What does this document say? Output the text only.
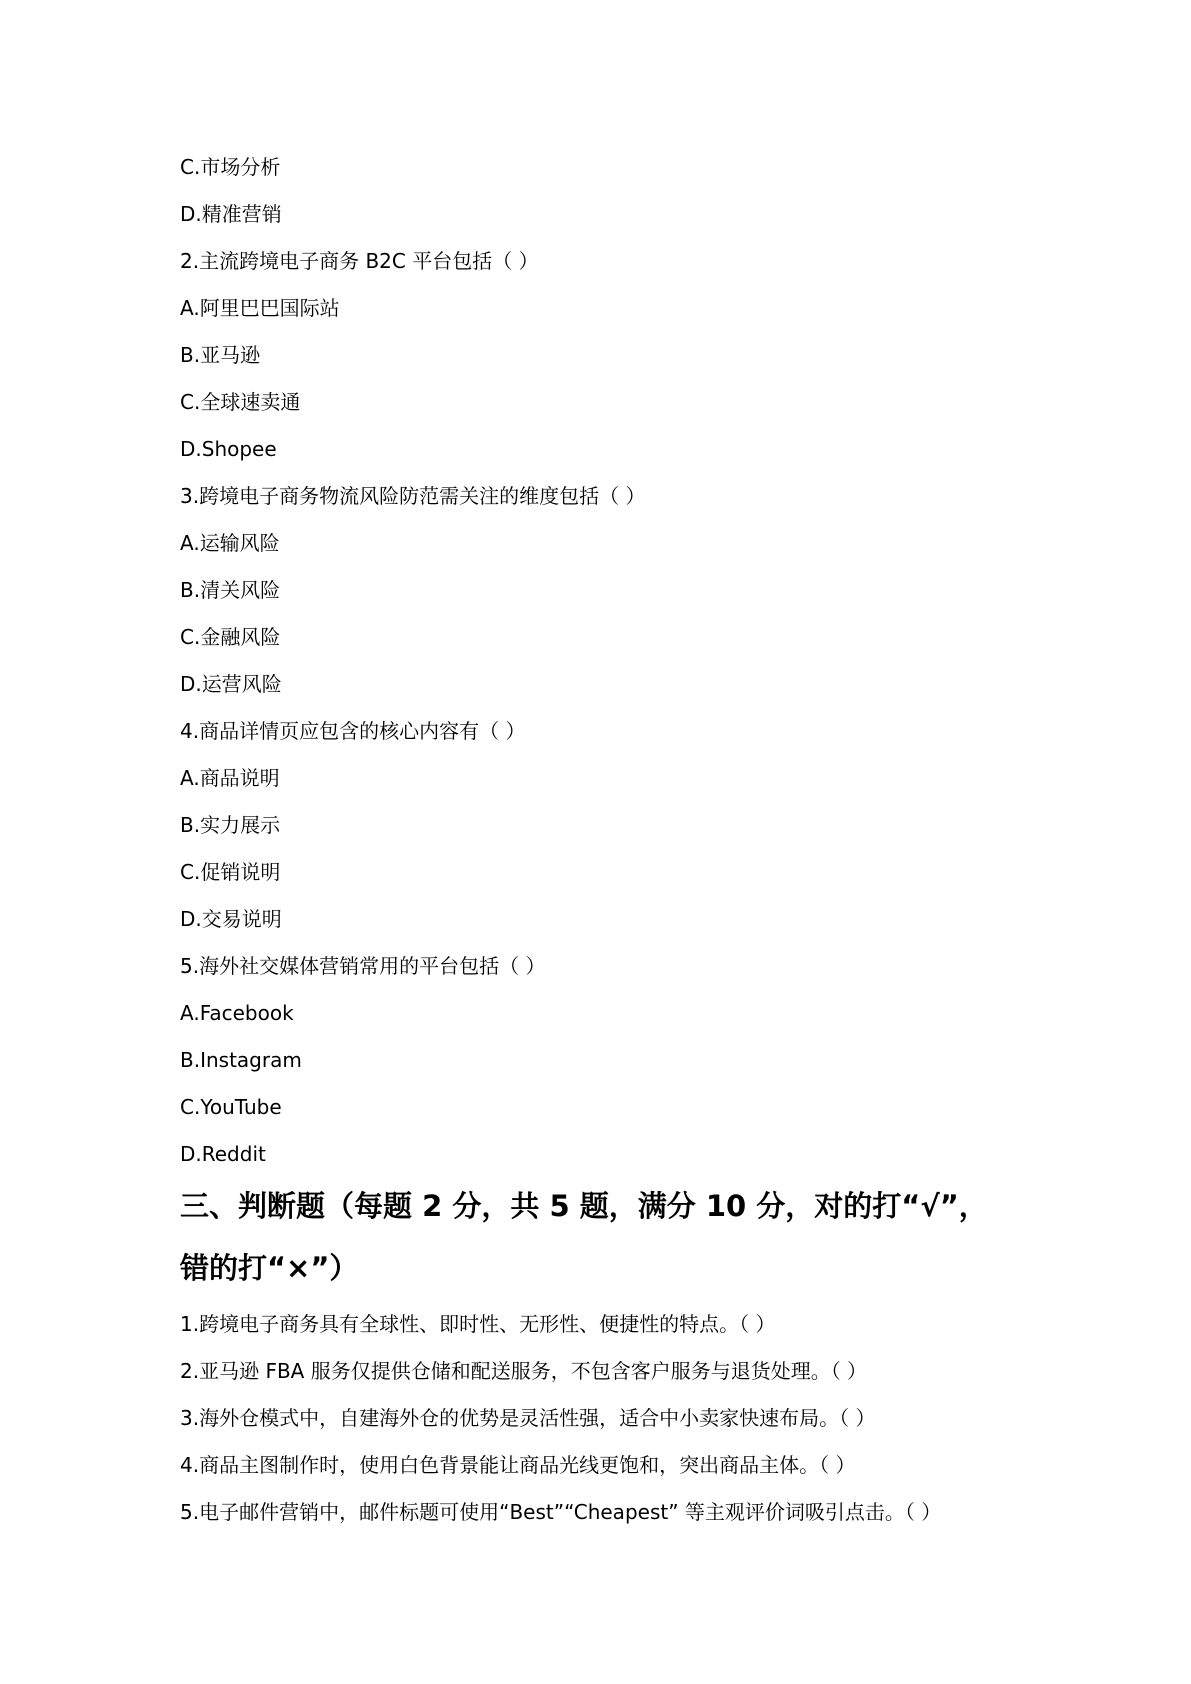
C.市场分析
D.精准营销
2.主流跨境电子商务 B2C 平台包括（ ）
A.阿里巴巴国际站
B.亚马逊
C.全球速卖通
D.Shopee
3.跨境电子商务物流风险防范需关注的维度包括（ ）
A.运输风险
B.清关风险
C.金融风险
D.运营风险
4.商品详情页应包含的核心内容有（ ）
A.商品说明
B.实力展示
C.促销说明
D.交易说明
5.海外社交媒体营销常用的平台包括（ ）
A.Facebook
B.Instagram
C.YouTube
D.Reddit
三、判断题（每题 2 分，共 5 题，满分 10 分，对的打“√”，
错的打“×”）
1.跨境电子商务具有全球性、即时性、无形性、便捷性的特点。（ ）
2.亚马逊 FBA 服务仅提供仓储和配送服务，不包含客户服务与退货处理。（ ）
3.海外仓模式中，自建海外仓的优势是灵活性强，适合中小卖家快速布局。（ ）
4.商品主图制作时，使用白色背景能让商品光线更饱和，突出商品主体。（ ）
5.电子邮件营销中，邮件标题可使用“Best”“Cheapest” 等主观评价词吸引点击。（ ）
